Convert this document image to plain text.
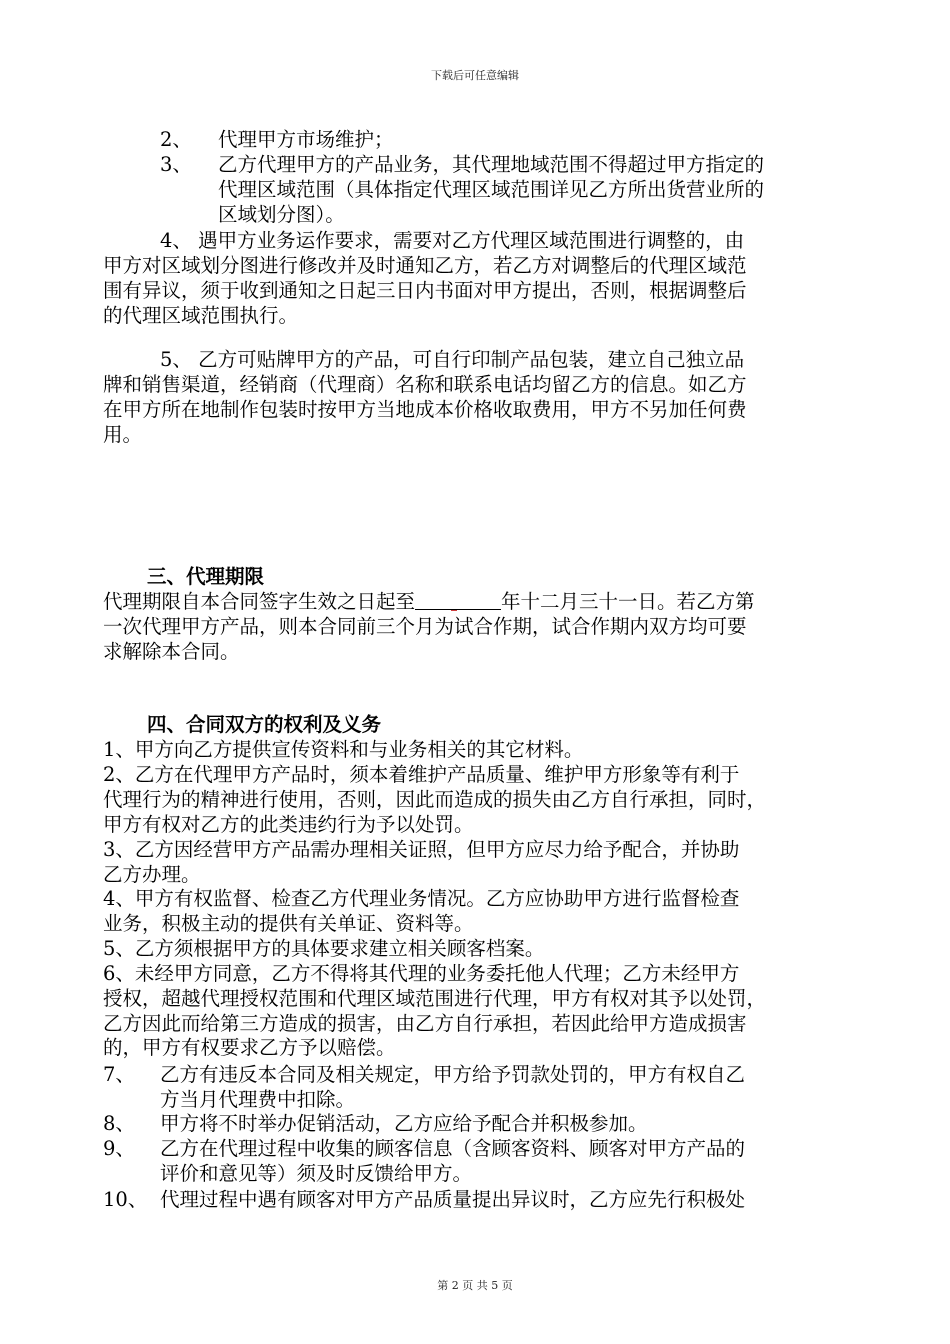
下载后可任意编辑
2、 代理甲方市场维护；
3、 乙方代理甲方的产品业务，其代理地域范围不得超过甲方指定的
代理区域范围（具体指定代理区域范围详见乙方所出货营业所的
区域划分图）。
4、 遇甲方业务运作要求，需要对乙方代理区域范围进行调整的，由
甲方对区域划分图进行修改并及时通知乙方，若乙方对调整后的代理区域范
围有异议，须于收到通知之日起三日内书面对甲方提出，否则，根据调整后
的代理区域范围执行。
5、 乙方可贴牌甲方的产品，可自行印制产品包装，建立自己独立品
牌和销售渠道，经销商（代理商）名称和联系电话均留乙方的信息。如乙方
在甲方所在地制作包装时按甲方当地成本价格收取费用，甲方不另加任何费
用。
三、代理期限
代理期限自本合同签字生效之日起至	年十二月三十一日。若乙方第
一次代理甲方产品，则本合同前三个月为试合作期，试合作期内双方均可要
求解除本合同。
四、合同双方的权利及义务
1、甲方向乙方提供宣传资料和与业务相关的其它材料。
2、乙方在代理甲方产品时，须本着维护产品质量、维护甲方形象等有利于
代理行为的精神进行使用，否则，因此而造成的损失由乙方自行承担，同时，
甲方有权对乙方的此类违约行为予以处罚。
3、乙方因经营甲方产品需办理相关证照，但甲方应尽力给予配合，并协助
乙方办理。
4、甲方有权监督、检查乙方代理业务情况。乙方应协助甲方进行监督检查
业务，积极主动的提供有关单证、资料等。
5、乙方须根据甲方的具体要求建立相关顾客档案。
6、未经甲方同意，乙方不得将其代理的业务委托他人代理；乙方未经甲方
授权，超越代理授权范围和代理区域范围进行代理，甲方有权对其予以处罚，
乙方因此而给第三方造成的损害，由乙方自行承担，若因此给甲方造成损害
的，甲方有权要求乙方予以赔偿。
7、 乙方有违反本合同及相关规定，甲方给予罚款处罚的，甲方有权自乙
方当月代理费中扣除。
8、 甲方将不时举办促销活动，乙方应给予配合并积极参加。
9、 乙方在代理过程中收集的顾客信息（含顾客资料、顾客对甲方产品的
评价和意见等）须及时反馈给甲方。
10、 代理过程中遇有顾客对甲方产品质量提出异议时，乙方应先行积极处
第 2 页 共 5 页
